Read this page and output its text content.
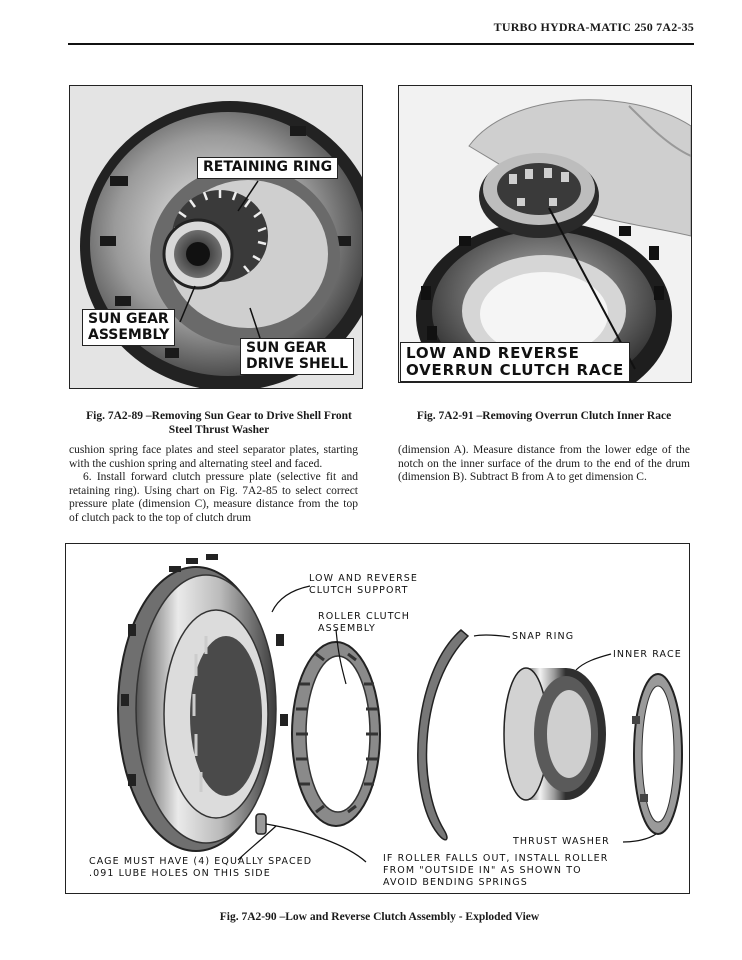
TURBO HYDRA-MATIC 250 7A2-35
RETAINING RING
SUN GEAR
ASSEMBLY
SUN GEAR
DRIVE SHELL
Fig. 7A2-89 –Removing Sun Gear to Drive Shell Front
Steel Thrust Washer
LOW AND REVERSE
OVERRUN CLUTCH RACE
Fig. 7A2-91 –Removing Overrun Clutch Inner Race

cushion spring face plates and steel separator plates, starting with the cushion spring and alternating steel and faced.

6. Install forward clutch pressure plate (selective fit and retaining ring). Using chart on Fig. 7A2-85 to select correct pressure plate (dimension C), measure distance from the top of clutch pack to the top of clutch drum

(dimension A). Measure distance from the lower edge of the notch on the inner surface of the drum to the end of the drum (dimension B). Subtract B from A to get dimension C.

LOW AND REVERSE
CLUTCH SUPPORT
ROLLER CLUTCH
ASSEMBLY
SNAP RING
INNER RACE
THRUST WASHER
CAGE MUST HAVE (4) EQUALLY SPACED
.091 LUBE HOLES ON THIS SIDE
IF ROLLER FALLS OUT, INSTALL ROLLER
FROM "OUTSIDE IN" AS SHOWN TO
AVOID BENDING SPRINGS
Fig. 7A2-90 –Low and Reverse Clutch Assembly - Exploded View
